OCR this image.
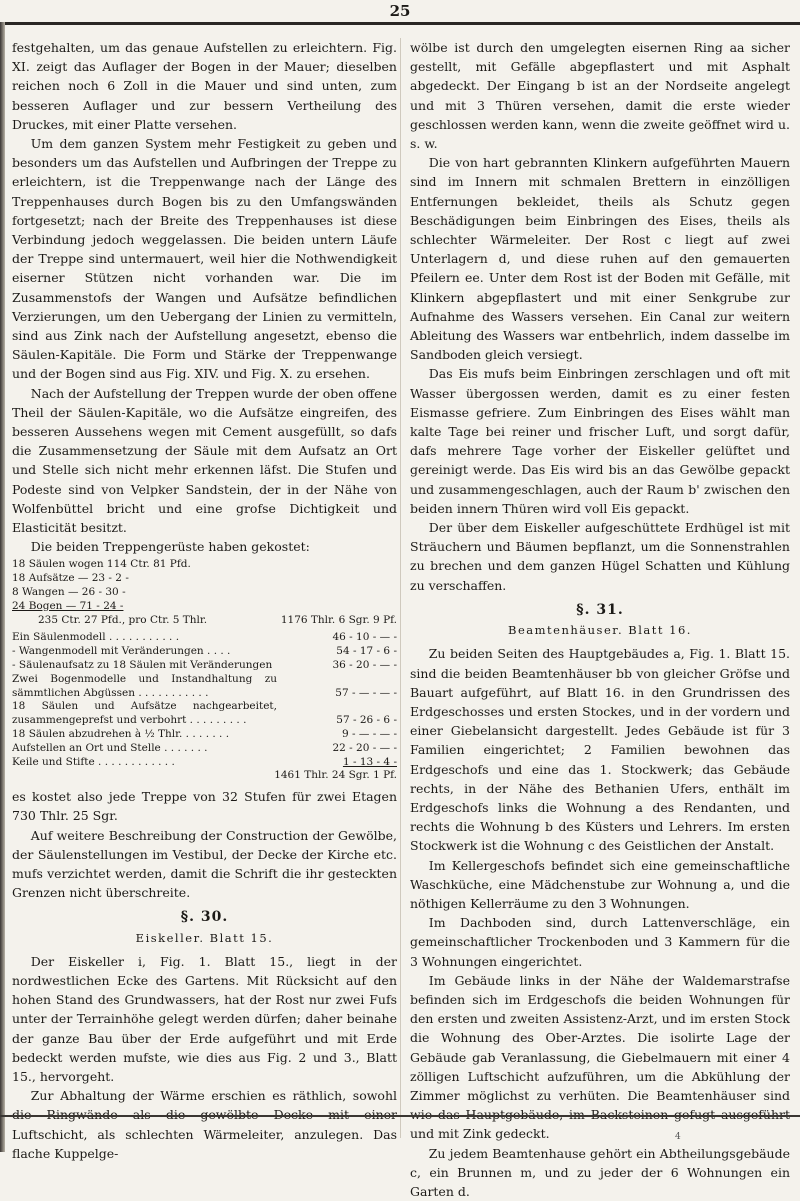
25

festgehalten, um das genaue Aufstellen zu erleichtern. Fig. XI. zeigt das Auflager der Bogen in der Mauer; dieselben reichen noch 6 Zoll in die Mauer und sind unten, zum besseren Auflager und zur bessern Vertheilung des Druckes, mit einer Platte versehen.

Um dem ganzen System mehr Festigkeit zu geben und besonders um das Aufstellen und Aufbringen der Treppe zu erleichtern, ist die Treppenwange nach der Länge des Treppenhauses durch Bogen bis zu den Umfangswänden fortgesetzt; nach der Breite des Treppenhauses ist diese Verbindung jedoch weggelassen. Die beiden untern Läufe der Treppe sind untermauert, weil hier die Nothwendigkeit eiserner Stützen nicht vorhanden war. Die im Zusammenstofs der Wangen und Aufsätze befindlichen Verzierungen, um den Uebergang der Linien zu vermitteln, sind aus Zink nach der Aufstellung angesetzt, ebenso die Säulen-Kapitäle. Die Form und Stärke der Treppenwange und der Bogen sind aus Fig. XIV. und Fig. X. zu ersehen.

Nach der Aufstellung der Treppen wurde der oben offene Theil der Säulen-Kapitäle, wo die Aufsätze eingreifen, des besseren Aussehens wegen mit Cement ausgefüllt, so dafs die Zusammensetzung der Säule mit dem Aufsatz an Ort und Stelle sich nicht mehr erkennen läfst. Die Stufen und Podeste sind von Velpker Sandstein, der in der Nähe von Wolfenbüttel bricht und eine grofse Dichtigkeit und Elasticität besitzt.

Die beiden Treppengerüste haben gekostet:

18 Säulen wogen 114 Ctr. 81 Pfd.
18 Aufsätze — 23 - 2 -
8 Wangen — 26 - 30 -
24 Bogen — 71 - 24 -
235 Ctr. 27 Pfd., pro Ctr. 5 Thlr.	1176 Thlr. 6 Sgr. 9 Pf.
Ein Säulenmodell . . . . . . . . . . .	46 - 10 - — -
- Wangenmodell mit Veränderungen . . . .	54 - 17 - 6 -
- Säulenaufsatz zu 18 Säulen mit Veränderungen	36 - 20 - — -
Zwei Bogenmodelle und Instandhaltung zu sämmtlichen Abgüssen . . . . . . . . . . .	57 - — - — -
18 Säulen und Aufsätze nachgearbeitet, zusammengeprefst und verbohrt . . . . . . . . .	57 - 26 - 6 -
18 Säulen abzudrehen à ½ Thlr. . . . . . . .	9 - — - — -
Aufstellen an Ort und Stelle . . . . . . .	22 - 20 - — -
Keile und Stifte . . . . . . . . . . . .	1 - 13 - 4 -
1461 Thlr. 24 Sgr. 1 Pf.

es kostet also jede Treppe von 32 Stufen für zwei Etagen 730 Thlr. 25 Sgr.

Auf weitere Beschreibung der Construction der Gewölbe, der Säulenstellungen im Vestibul, der Decke der Kirche etc. mufs verzichtet werden, damit die Schrift die ihr gesteckten Grenzen nicht überschreite.

§. 30.
Eiskeller. Blatt 15.

Der Eiskeller i, Fig. 1. Blatt 15., liegt in der nordwestlichen Ecke des Gartens. Mit Rücksicht auf den hohen Stand des Grundwassers, hat der Rost nur zwei Fufs unter der Terrainhöhe gelegt werden dürfen; daher beinahe der ganze Bau über der Erde aufgeführt und mit Erde bedeckt werden mufste, wie dies aus Fig. 2 und 3., Blatt 15., hervorgeht.

Zur Abhaltung der Wärme erschien es räthlich, sowohl Luftschicht, als schlechten Wärmeleiter, anzulegen. Das flache Kuppelge-

wölbe ist durch den umgelegten eisernen Ring aa sicher gestellt, mit Gefälle abgepflastert und mit Asphalt abgedeckt. Der Eingang b ist an der Nordseite angelegt und mit 3 Thüren versehen, damit die erste wieder geschlossen werden kann, wenn die zweite geöffnet wird u. s. w.

Die von hart gebrannten Klinkern aufgeführten Mauern sind im Innern mit schmalen Brettern in einzölligen Entfernungen bekleidet, theils als Schutz gegen Beschädigungen beim Einbringen des Eises, theils als schlechter Wärmeleiter. Der Rost c liegt auf zwei Unterlagern d, und diese ruhen auf den gemauerten Pfeilern ee. Unter dem Rost ist der Boden mit Gefälle, mit Klinkern abgepflastert und mit einer Senkgrube zur Aufnahme des Wassers versehen. Ein Canal zur weitern Ableitung des Wassers war entbehrlich, indem dasselbe im Sandboden gleich versiegt.

Das Eis mufs beim Einbringen zerschlagen und oft mit Wasser übergossen werden, damit es zu einer festen Eismasse gefriere. Zum Einbringen des Eises wählt man kalte Tage bei reiner und frischer Luft, und sorgt dafür, dafs mehrere Tage vorher der Eiskeller gelüftet und gereinigt werde. Das Eis wird bis an das Gewölbe gepackt und zusammengeschlagen, auch der Raum b' zwischen den beiden innern Thüren wird voll Eis gepackt.

Der über dem Eiskeller aufgeschüttete Erdhügel ist mit Sträuchern und Bäumen bepflanzt, um die Sonnenstrahlen zu brechen und dem ganzen Hügel Schatten und Kühlung zu verschaffen.

§. 31.
Beamtenhäuser. Blatt 16.

Zu beiden Seiten des Hauptgebäudes a, Fig. 1. Blatt 15. sind die beiden Beamtenhäuser bb von gleicher Gröfse und Bauart aufgeführt, auf Blatt 16. in den Grundrissen des Erdgeschosses und ersten Stockes, und in der vordern und einer Giebelansicht dargestellt. Jedes Gebäude ist für 3 Familien eingerichtet; 2 Familien bewohnen das Erdgeschofs und eine das 1. Stockwerk; das Gebäude rechts, in der Nähe des Bethanien Ufers, enthält im Erdgeschofs links die Wohnung a des Rendanten, und rechts die Wohnung b des Küsters und Lehrers. Im ersten Stockwerk ist die Wohnung c des Geistlichen der Anstalt.

Im Kellergeschofs befindet sich eine gemeinschaftliche Waschküche, eine Mädchenstube zur Wohnung a, und die nöthigen Kellerräume zu den 3 Wohnungen.

Im Dachboden sind, durch Lattenverschläge, ein gemeinschaftlicher Trockenboden und 3 Kammern für die 3 Wohnungen eingerichtet.

Im Gebäude links in der Nähe der Waldemarstrafse befinden sich im Erdgeschofs die beiden Wohnungen für den ersten und zweiten Assistenz-Arzt, und im ersten Stock die Wohnung des Ober-Arztes. Die isolirte Lage der Gebäude gab Veranlassung, die Giebelmauern mit einer 4 zölligen Luftschicht aufzuführen, um die Abkühlung der Zimmer möglichst zu verhüten. Die Beamtenhäuser sind und mit Zink gedeckt.

Zu jedem Beamtenhause gehört ein Abtheilungsgebäude c, ein Brunnen m, und zu jeder der 6 Wohnungen ein Garten d.

4
